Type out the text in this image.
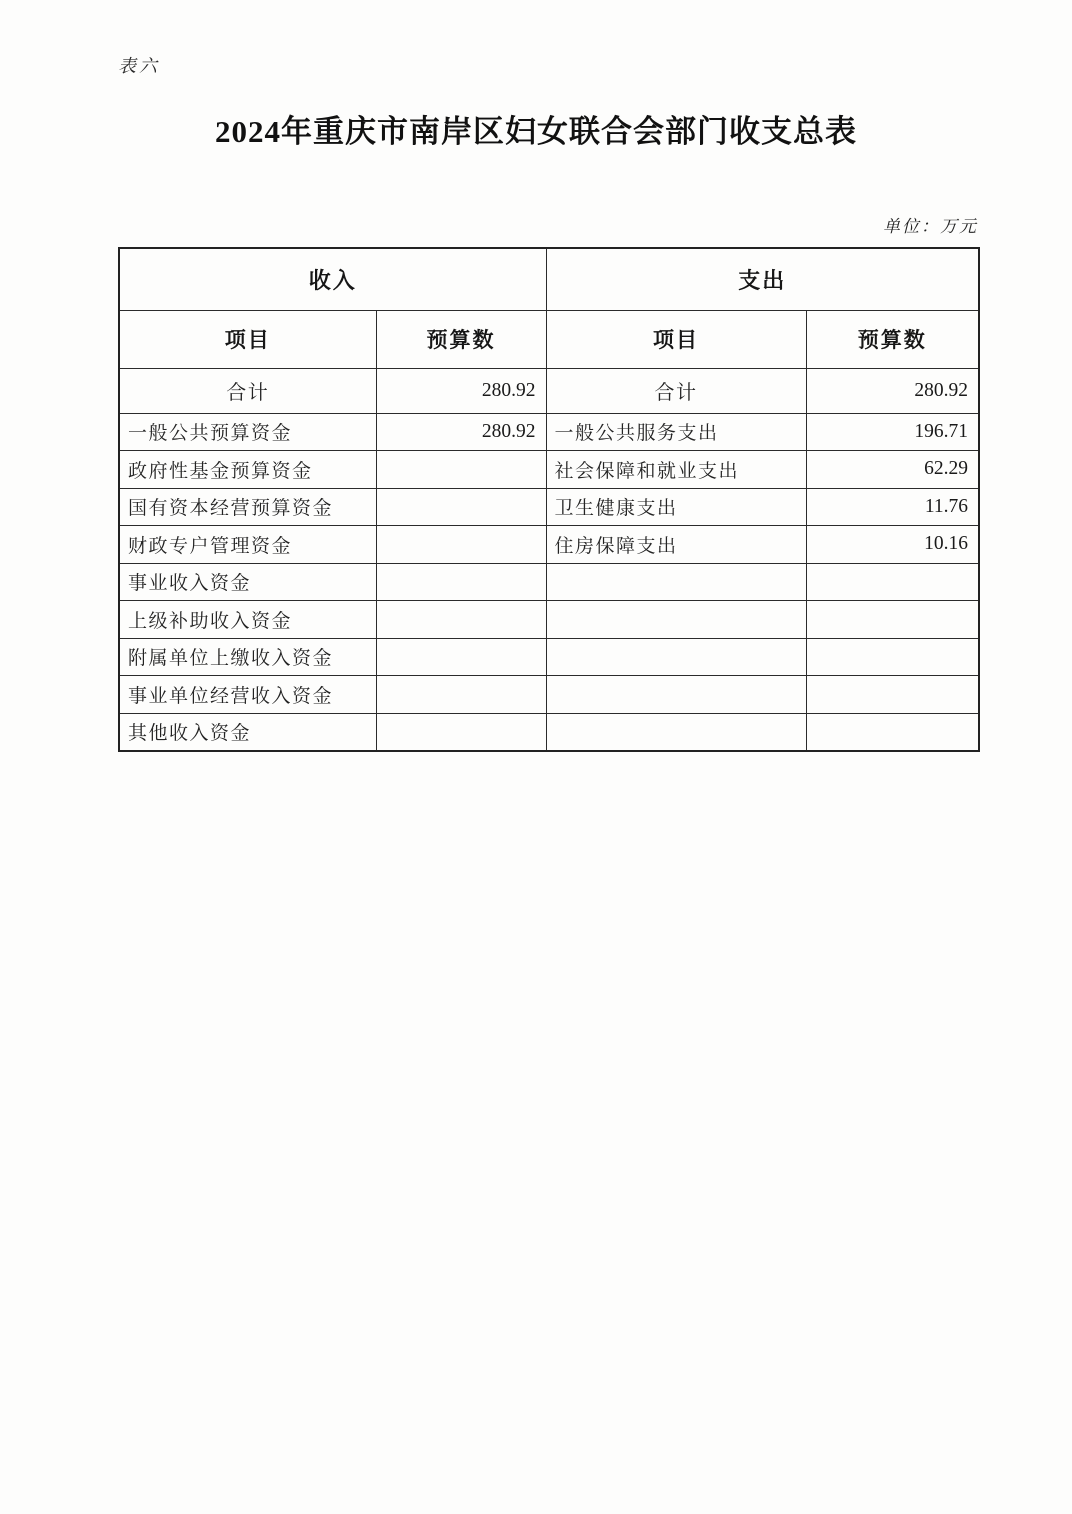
表六
2024年重庆市南岸区妇女联合会部门收支总表
单位：万元
收入		支出	
项目	预算数	项目	预算数
合计	280.92	合计	280.92
一般公共预算资金	280.92	一般公共服务支出	196.71
政府性基金预算资金		社会保障和就业支出	62.29
国有资本经营预算资金		卫生健康支出	11.76
财政专户管理资金		住房保障支出	10.16
事业收入资金			
上级补助收入资金			
附属单位上缴收入资金			
事业单位经营收入资金			
其他收入资金			
